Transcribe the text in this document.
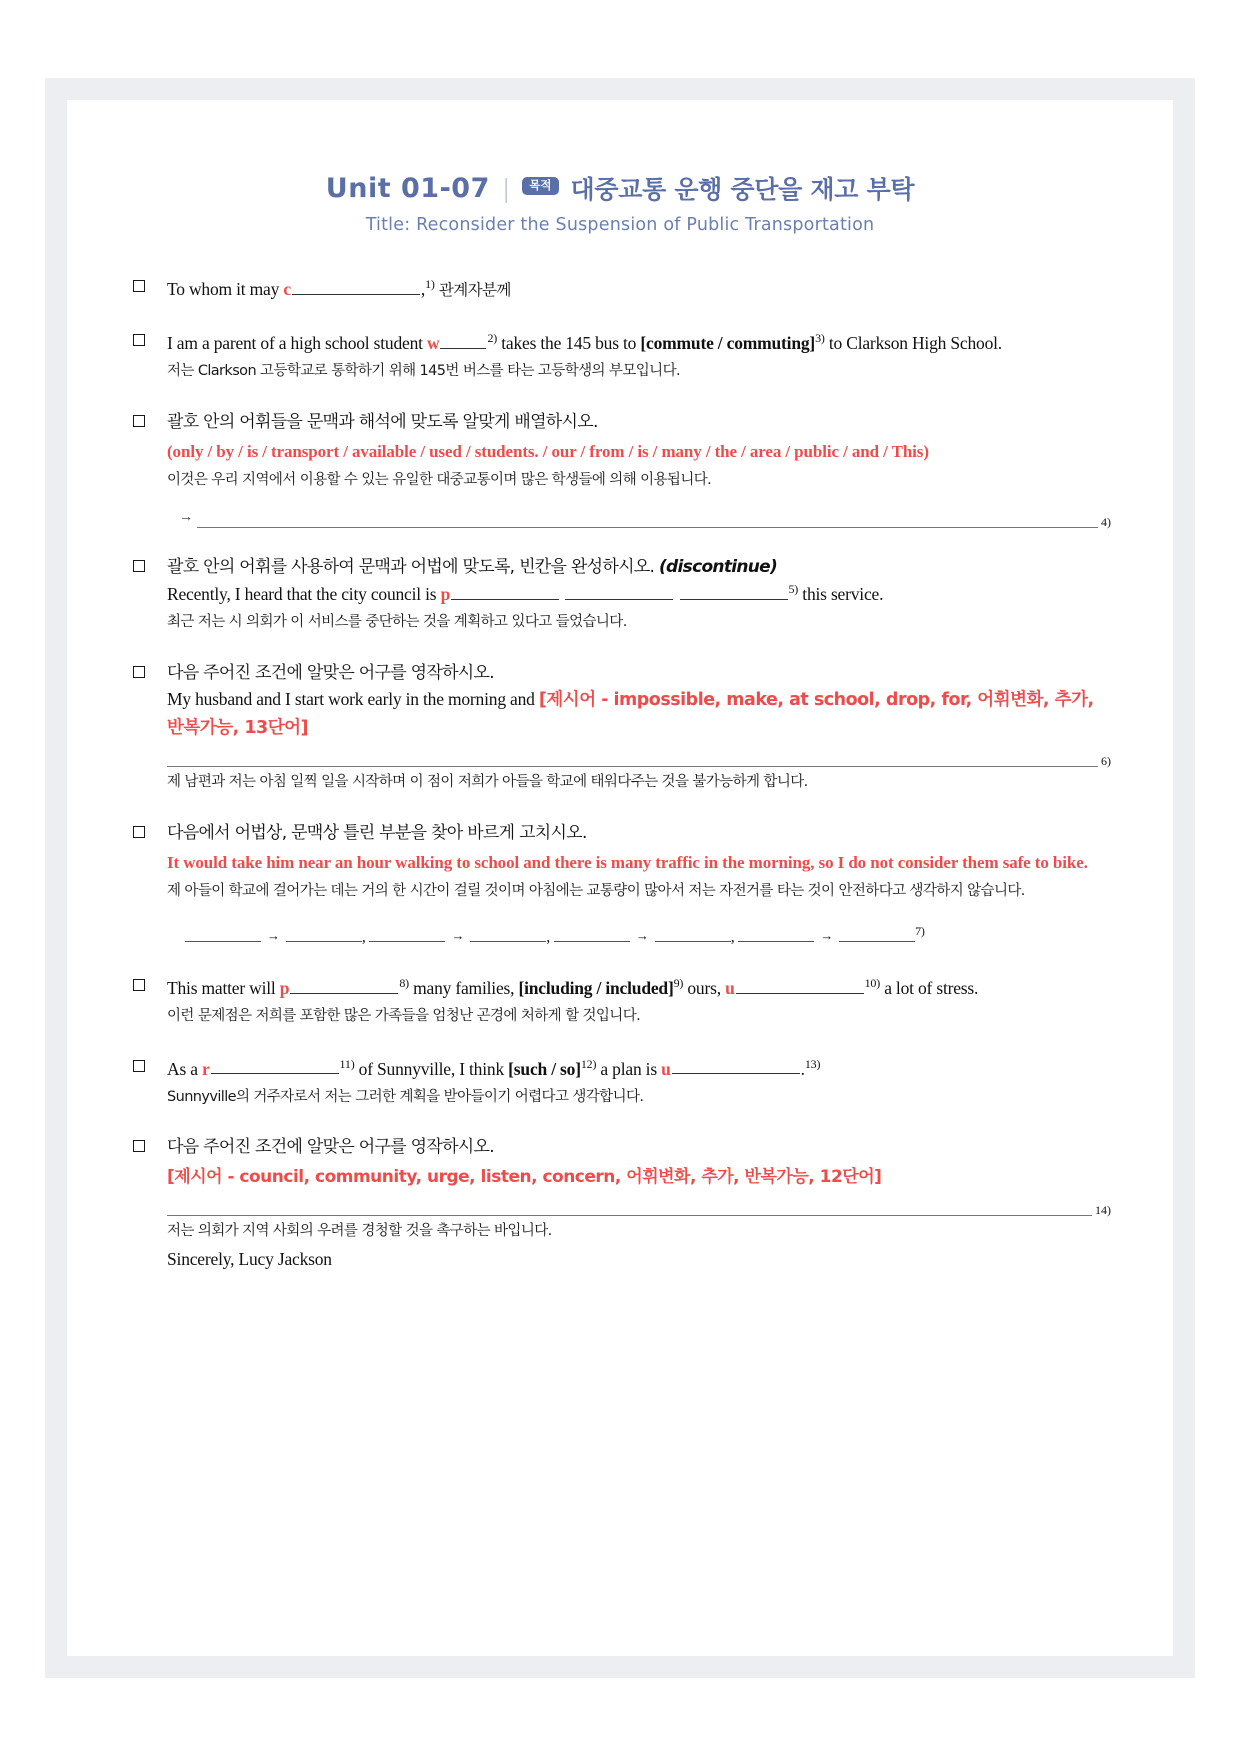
Unit 01-07 |	목적 대중교통 운행 중단을 재고 부탁
Title: Reconsider the Suspension of Public Transportation
To whom it may c	,$^{1)}$ 관계자분께
I am a parent of a high school student w	$^{2)}$ takes the 145 bus to [commute / commuting]$^{3)}$ to Clarkson High School.
저는 Clarkson 고등학교로 통학하기 위해 145번 버스를 타는 고등학생의 부모입니다.
괄호 안의 어휘들을 문맥과 해석에 맞도록 알맞게 배열하시오.
(only / by / is / transport / available / used / students. / our / from / is / many / the / area / public / and / This)
이것은 우리 지역에서 이용할 수 있는 유일한 대중교통이며 많은 학생들에 의해 이용됩니다.
→	4)
괄호 안의 어휘를 사용하여 문맥과 어법에 맞도록, 빈칸을 완성하시오. (discontinue)
Recently, I heard that the city council is p	$^{5)}$ this service.
최근 저는 시 의회가 이 서비스를 중단하는 것을 계획하고 있다고 들었습니다.
다음 주어진 조건에 알맞은 어구를 영작하시오.
My husband and I start work early in the morning and [제시어 - impossible, make, at school, drop, for, 어휘변화, 추가, 반복가능, 13단어]
6)
제 남편과 저는 아침 일찍 일을 시작하며 이 점이 저희가 아들을 학교에 태워다주는 것을 불가능하게 합니다.
다음에서 어법상, 문맥상 틀린 부분을 찾아 바르게 고치시오.
It would take him near an hour walking to school and there is many traffic in the morning, so I do not consider them safe to bike.
제 아들이 학교에 걸어가는 데는 거의 한 시간이 걸릴 것이며 아침에는 교통량이 많아서 저는 자전거를 타는 것이 안전하다고 생각하지 않습니다.
→	,	→	,	→	,	→	$^{7)}$
This matter will p	$^{8)}$ many families, [including / included]$^{9)}$ ours, u	$^{10)}$ a lot of stress.
이런 문제점은 저희를 포함한 많은 가족들을 엄청난 곤경에 처하게 할 것입니다.
As a r	$^{11)}$ of Sunnyville, I think [such / so]$^{12)}$ a plan is u	.$^{13)}$
Sunnyville의 거주자로서 저는 그러한 계획을 받아들이기 어렵다고 생각합니다.
다음 주어진 조건에 알맞은 어구를 영작하시오.
[제시어 - council, community, urge, listen, concern, 어휘변화, 추가, 반복가능, 12단어]
14)
저는 의회가 지역 사회의 우려를 경청할 것을 촉구하는 바입니다.
Sincerely, Lucy Jackson
